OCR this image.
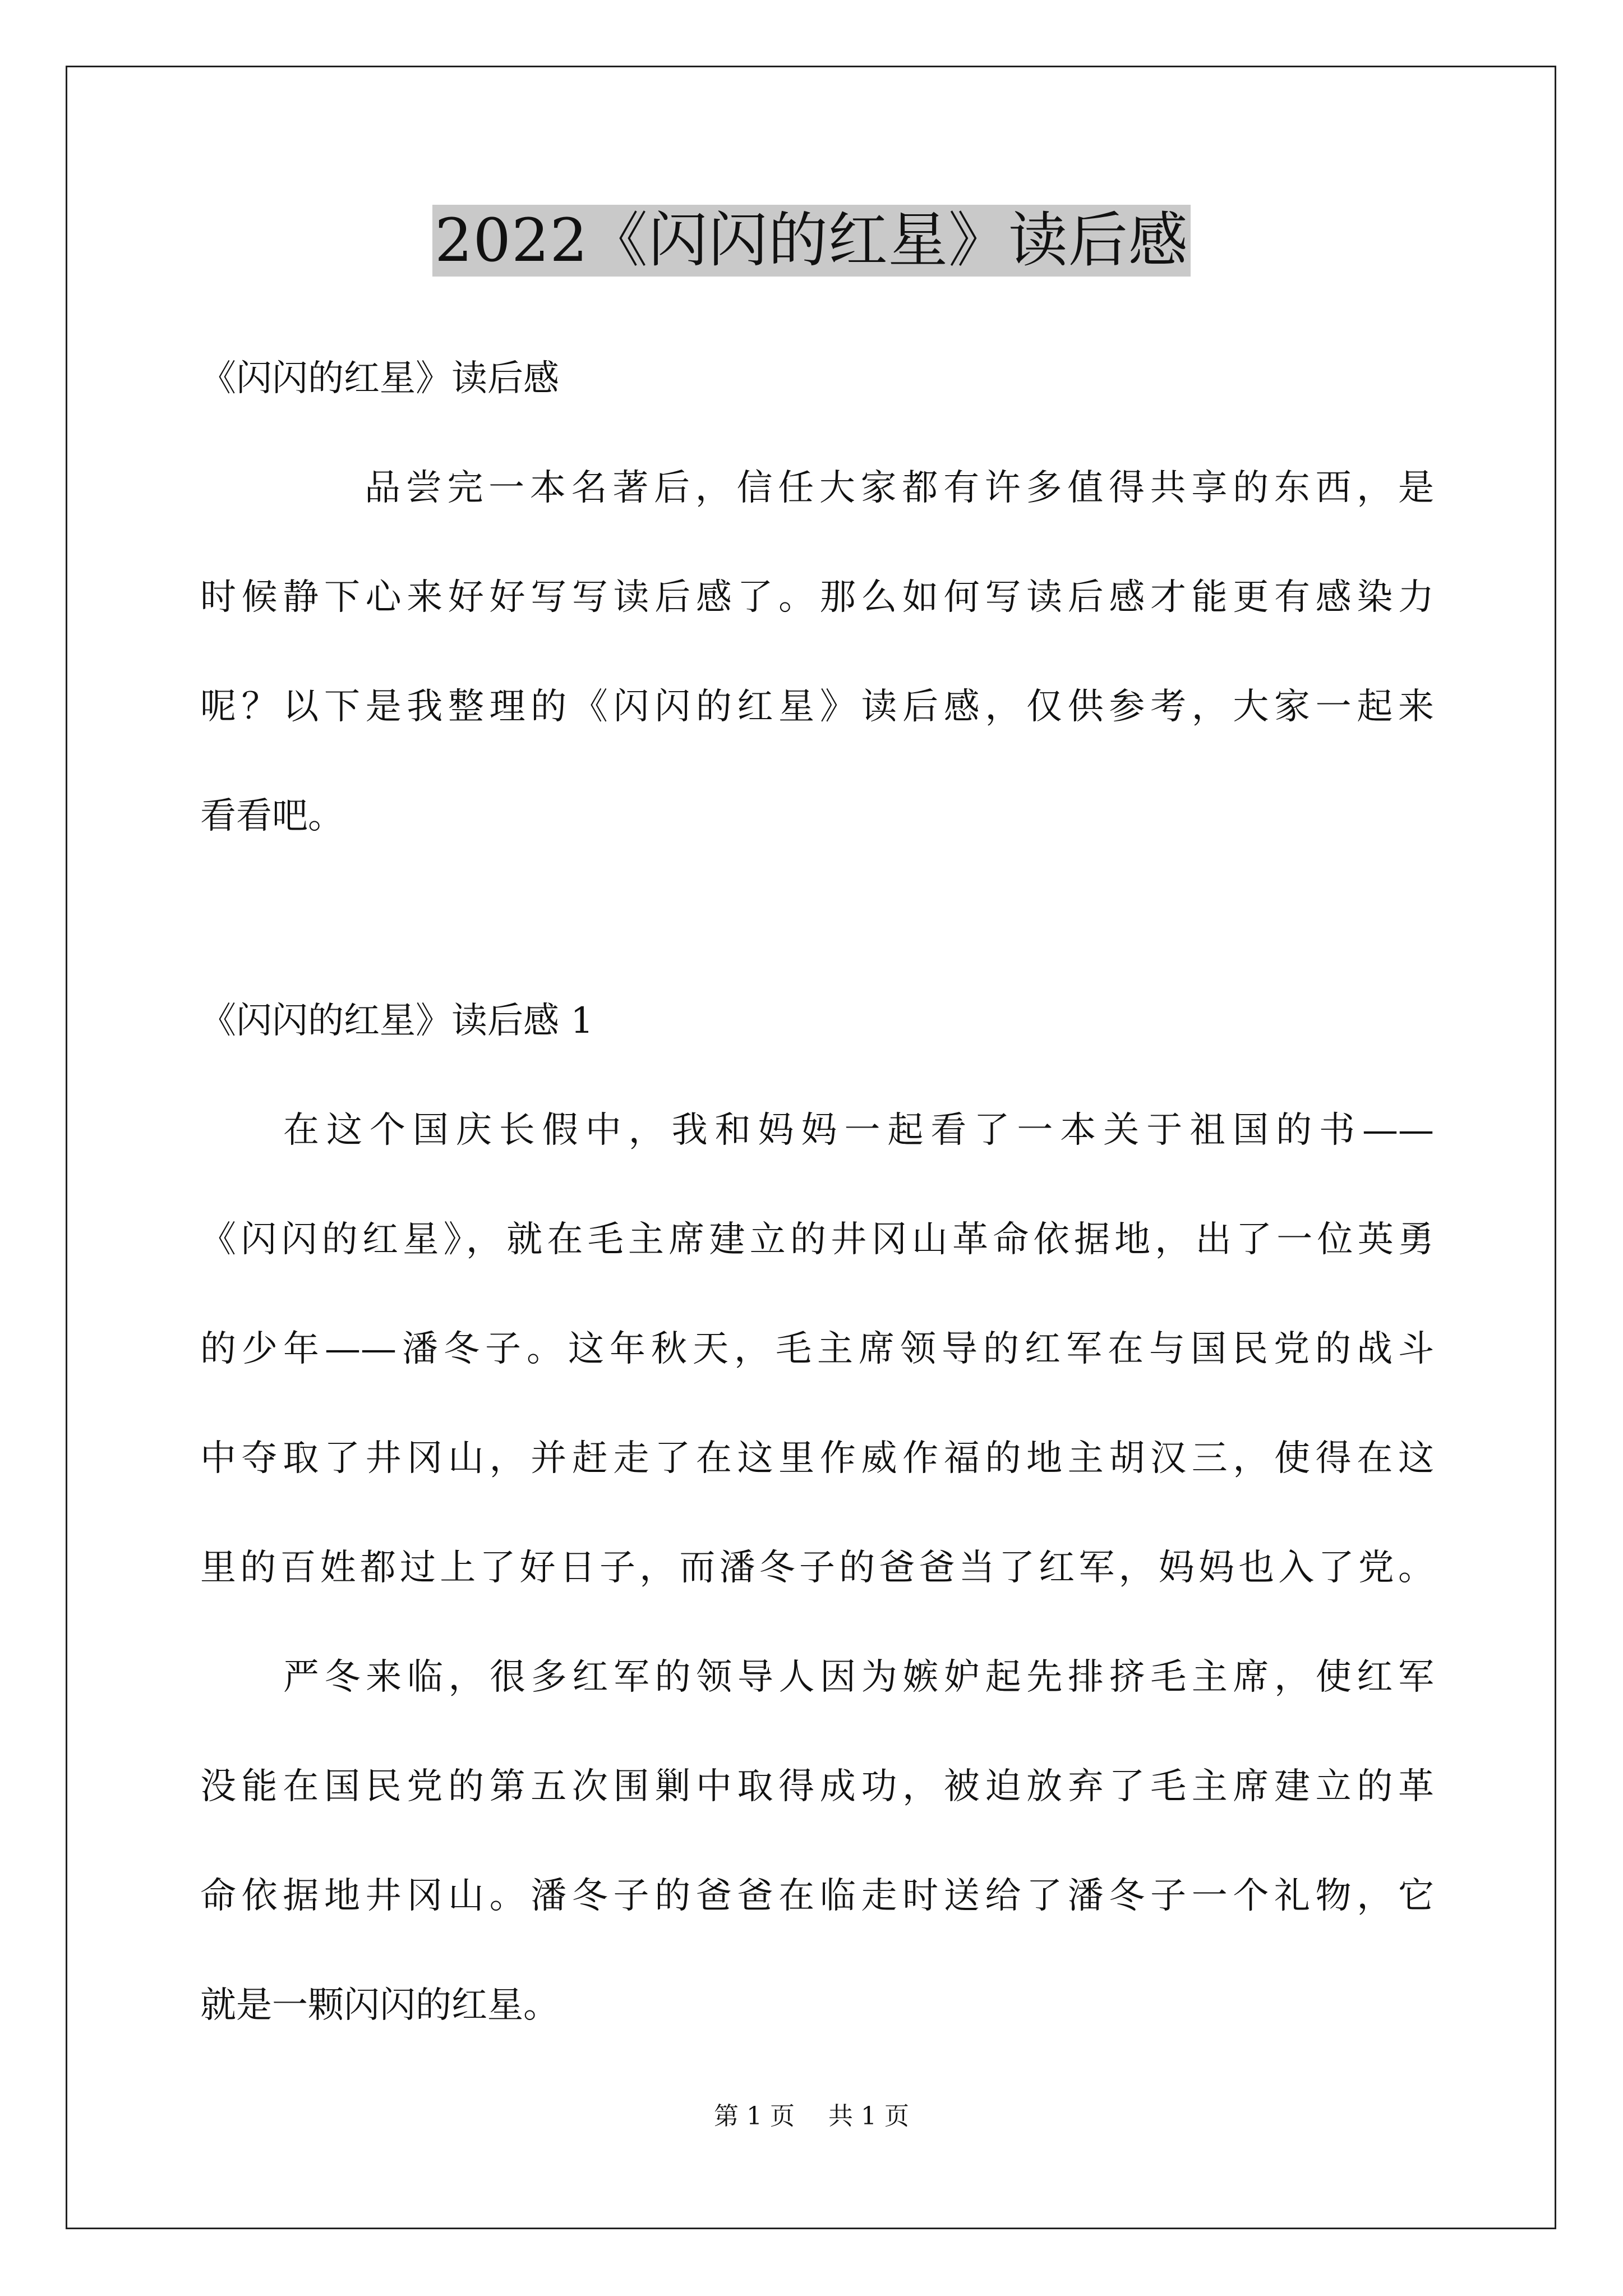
2022《闪闪的红星》读后感

《闪闪的红星》读后感

品尝完一本名著后，信任大家都有许多值得共享的东西，是

时候静下心来好好写写读后感了。那么如何写读后感才能更有感染力

呢？以下是我整理的《闪闪的红星》读后感，仅供参考，大家一起来

看看吧。

《闪闪的红星》读后感 1

在这个国庆长假中，我和妈妈一起看了一本关于祖国的书——

《闪闪的红星》，就在毛主席建立的井冈山革命依据地，出了一位英勇

的少年——潘冬子。这年秋天，毛主席领导的红军在与国民党的战斗

中夺取了井冈山，并赶走了在这里作威作福的地主胡汉三，使得在这

里的百姓都过上了好日子，而潘冬子的爸爸当了红军，妈妈也入了党。

严冬来临，很多红军的领导人因为嫉妒起先排挤毛主席，使红军

没能在国民党的第五次围剿中取得成功，被迫放弃了毛主席建立的革

命依据地井冈山。潘冬子的爸爸在临走时送给了潘冬子一个礼物，它

就是一颗闪闪的红星。

第 1 页 共 1 页
